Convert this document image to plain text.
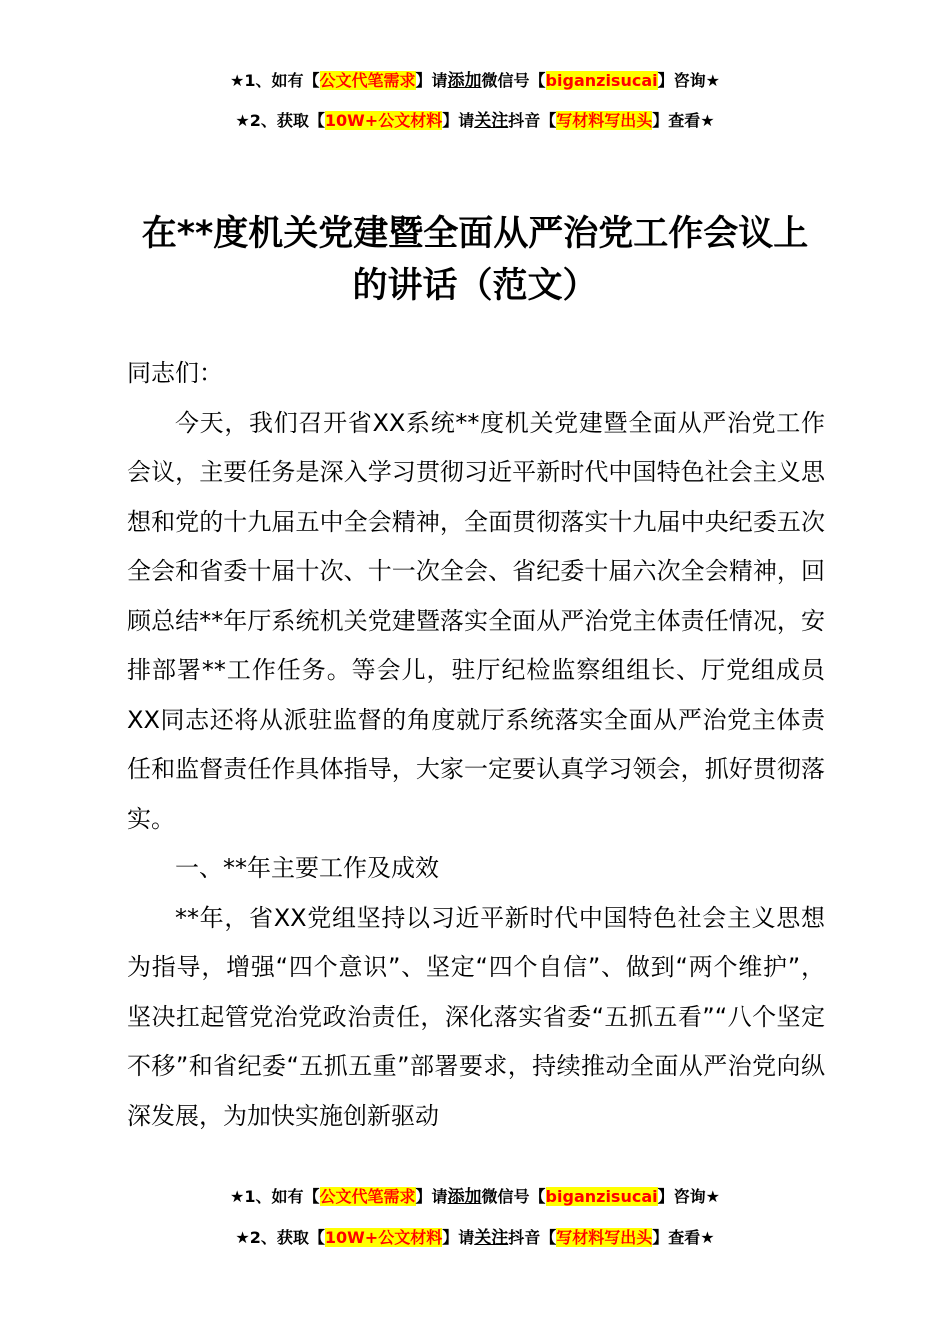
★1、如有【公文代笔需求】请添加微信号【biganzisucai】咨询★
★2、获取【10W+公文材料】请关注抖音【写材料写出头】查看★
在**度机关党建暨全面从严治党工作会议上
的讲话（范文）

同志们：

今天，我们召开省XX系统**度机关党建暨全面从严治党工作会议，主要任务是深入学习贯彻习近平新时代中国特色社会主义思想和党的十九届五中全会精神，全面贯彻落实十九届中央纪委五次全会和省委十届十次、十一次全会、省纪委十届六次全会精神，回顾总结**年厅系统机关党建暨落实全面从严治党主体责任情况，安排部署**工作任务。等会儿，驻厅纪检监察组组长、厅党组成员XX同志还将从派驻监督的角度就厅系统落实全面从严治党主体责任和监督责任作具体指导，大家一定要认真学习领会，抓好贯彻落实。

一、**年主要工作及成效

**年，省XX党组坚持以习近平新时代中国特色社会主义思想为指导，增强“四个意识”、坚定“四个自信”、做到“两个维护”，坚决扛起管党治党政治责任，深化落实省委“五抓五看”“八个坚定不移”和省纪委“五抓五重”部署要求，持续推动全面从严治党向纵深发展，为加快实施创新驱动

★1、如有【公文代笔需求】请添加微信号【biganzisucai】咨询★
★2、获取【10W+公文材料】请关注抖音【写材料写出头】查看★
